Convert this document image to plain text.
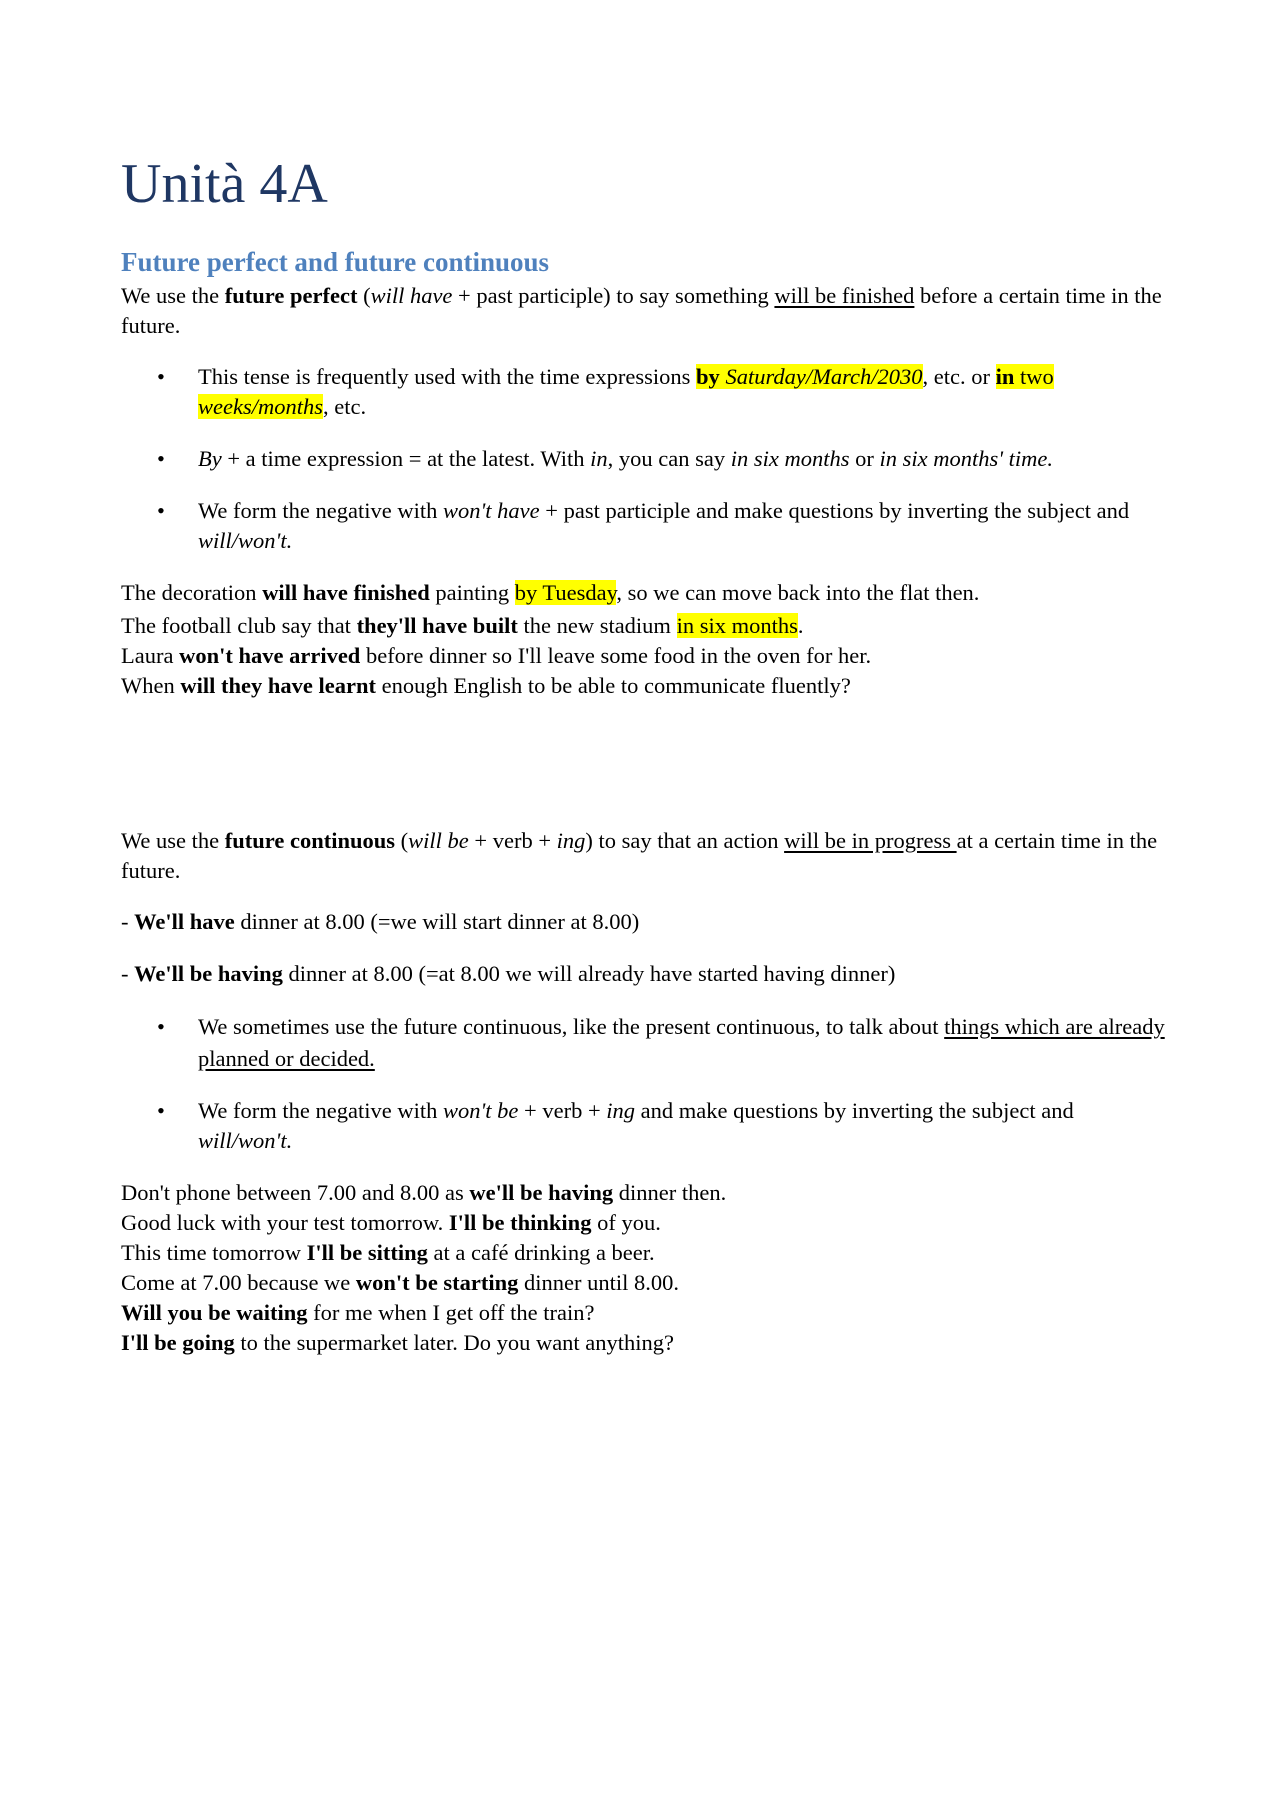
Unità 4A
Future perfect and future continuous

We use the future perfect (will have + past participle) to say something will be finished before a certain time in the future.

• This tense is frequently used with the time expressions by Saturday/March/2030, etc. or in two
weeks/months, etc.
• By + a time expression = at the latest. With in, you can say in six months or in six months' time.
• We form the negative with won't have + past participle and make questions by inverting the subject and will/won't.

The decoration will have finished painting by Tuesday, so we can move back into the flat then.

The football club say that they'll have built the new stadium in six months.

Laura won't have arrived before dinner so I'll leave some food in the oven for her.

When will they have learnt enough English to be able to communicate fluently?

We use the future continuous (will be + verb + ing) to say that an action will be in progress at a certain time in the future.

- We'll have dinner at 8.00 (=we will start dinner at 8.00)

- We'll be having dinner at 8.00 (=at 8.00 we will already have started having dinner)

• We sometimes use the future continuous, like the present continuous, to talk about things which are already planned or decided.
• We form the negative with won't be + verb + ing and make questions by inverting the subject and will/won't.

Don't phone between 7.00 and 8.00 as we'll be having dinner then.

Good luck with your test tomorrow. I'll be thinking of you.

This time tomorrow I'll be sitting at a café drinking a beer.

Come at 7.00 because we won't be starting dinner until 8.00.

Will you be waiting for me when I get off the train?

I'll be going to the supermarket later. Do you want anything?
